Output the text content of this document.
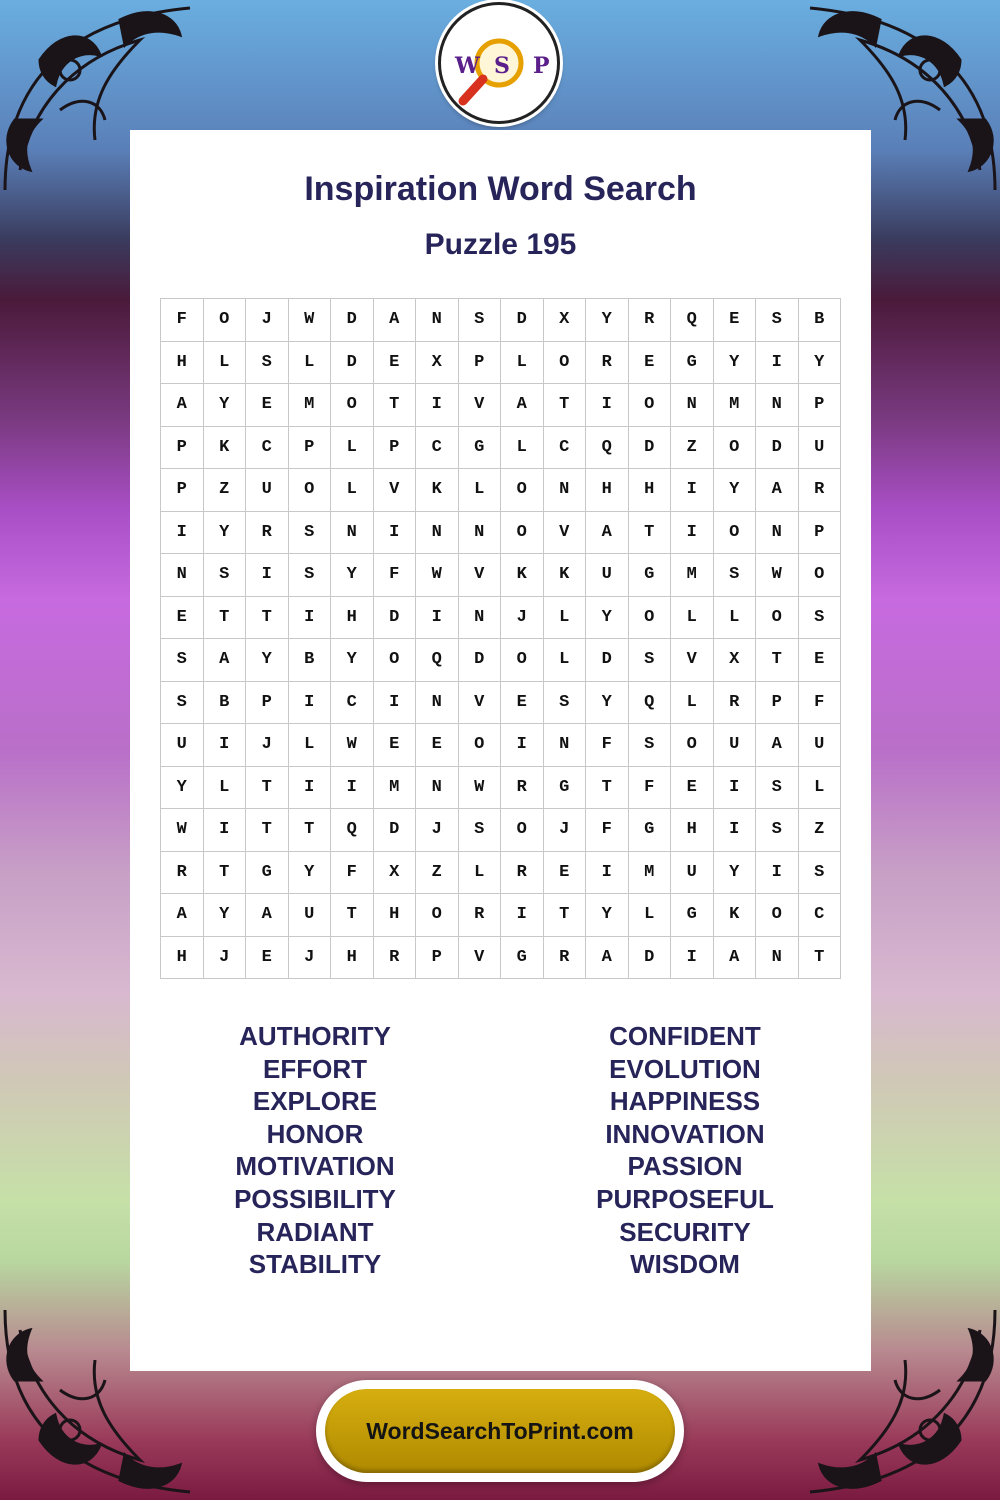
W S P
Inspiration Word Search
Puzzle 195
F	O	J	W	D	A	N	S	D	X	Y	R	Q	E	S	B
H	L	S	L	D	E	X	P	L	O	R	E	G	Y	I	Y
A	Y	E	M	O	T	I	V	A	T	I	O	N	M	N	P
P	K	C	P	L	P	C	G	L	C	Q	D	Z	O	D	U
P	Z	U	O	L	V	K	L	O	N	H	H	I	Y	A	R
I	Y	R	S	N	I	N	N	O	V	A	T	I	O	N	P
N	S	I	S	Y	F	W	V	K	K	U	G	M	S	W	O
E	T	T	I	H	D	I	N	J	L	Y	O	L	L	O	S
S	A	Y	B	Y	O	Q	D	O	L	D	S	V	X	T	E
S	B	P	I	C	I	N	V	E	S	Y	Q	L	R	P	F
U	I	J	L	W	E	E	O	I	N	F	S	O	U	A	U
Y	L	T	I	I	M	N	W	R	G	T	F	E	I	S	L
W	I	T	T	Q	D	J	S	O	J	F	G	H	I	S	Z
R	T	G	Y	F	X	Z	L	R	E	I	M	U	Y	I	S
A	Y	A	U	T	H	O	R	I	T	Y	L	G	K	O	C
H	J	E	J	H	R	P	V	G	R	A	D	I	A	N	T
AUTHORITY
EFFORT
EXPLORE
HONOR
MOTIVATION
POSSIBILITY
RADIANT
STABILITY
CONFIDENT
EVOLUTION
HAPPINESS
INNOVATION
PASSION
PURPOSEFUL
SECURITY
WISDOM
WordSearchToPrint.com
